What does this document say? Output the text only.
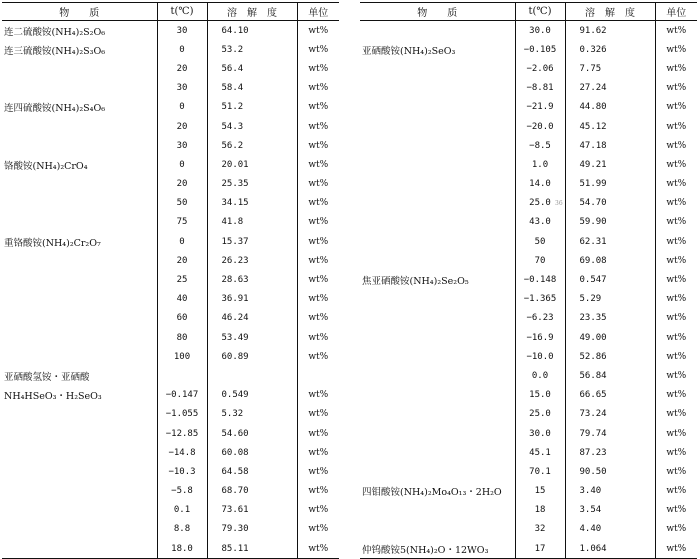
物　　质	t(℃)	溶　解　度	单位
连二硫酸铵(NH₄)₂S₂O₆	30	64.10	wt%
连三硫酸铵(NH₄)₂S₃O₆	0	53.2	wt%
	20	56.4	wt%
	30	58.4	wt%
连四硫酸铵(NH₄)₂S₄O₆	0	51.2	wt%
	20	54.3	wt%
	30	56.2	wt%
铬酸铵(NH₄)₂CrO₄	0	20.01	wt%
	20	25.35	wt%
	50	34.15	wt%
	75	41.8	wt%
重铬酸铵(NH₄)₂Cr₂O₇	0	15.37	wt%
	20	26.23	wt%
	25	28.63	wt%
	40	36.91	wt%
	60	46.24	wt%
	80	53.49	wt%
	100	60.89	wt%
亚硒酸氢铵・亚硒酸			
NH₄HSeO₃・H₂SeO₃	−0.147	0.549	wt%
	−1.055	5.32	wt%
	−12.85	54.60	wt%
	−14.8	60.08	wt%
	−10.3	64.58	wt%
	−5.8	68.70	wt%
	0.1	73.61	wt%
	8.8	79.30	wt%
	18.0	85.11	wt%
物　　质	t(℃)	溶　解　度	单位
	30.0	91.62	wt%
亚硒酸铵(NH₄)₂SeO₃	−0.105	0.326	wt%
	−2.06	7.75	wt%
	−8.81	27.24	wt%
	−21.9	44.80	wt%
	−20.0	45.12	wt%
	−8.5	47.18	wt%
	1.0	49.21	wt%
	14.0	51.99	wt%
	25.0	54.70	wt%
	43.0	59.90	wt%
	50	62.31	wt%
	70	69.08	wt%
焦亚硒酸铵(NH₄)₂Se₂O₅	−0.148	0.547	wt%
	−1.365	5.29	wt%
	−6.23	23.35	wt%
	−16.9	49.00	wt%
	−10.0	52.86	wt%
	0.0	56.84	wt%
	15.0	66.65	wt%
	25.0	73.24	wt%
	30.0	79.74	wt%
	45.1	87.23	wt%
	70.1	90.50	wt%
四钼酸铵(NH₄)₂Mo₄O₁₃・2H₂O	15	3.40	wt%
	18	3.54	wt%
	32	4.40	wt%
仲钨酸铵5(NH₄)₂O・12WO₃	17	1.064	wt%
36
